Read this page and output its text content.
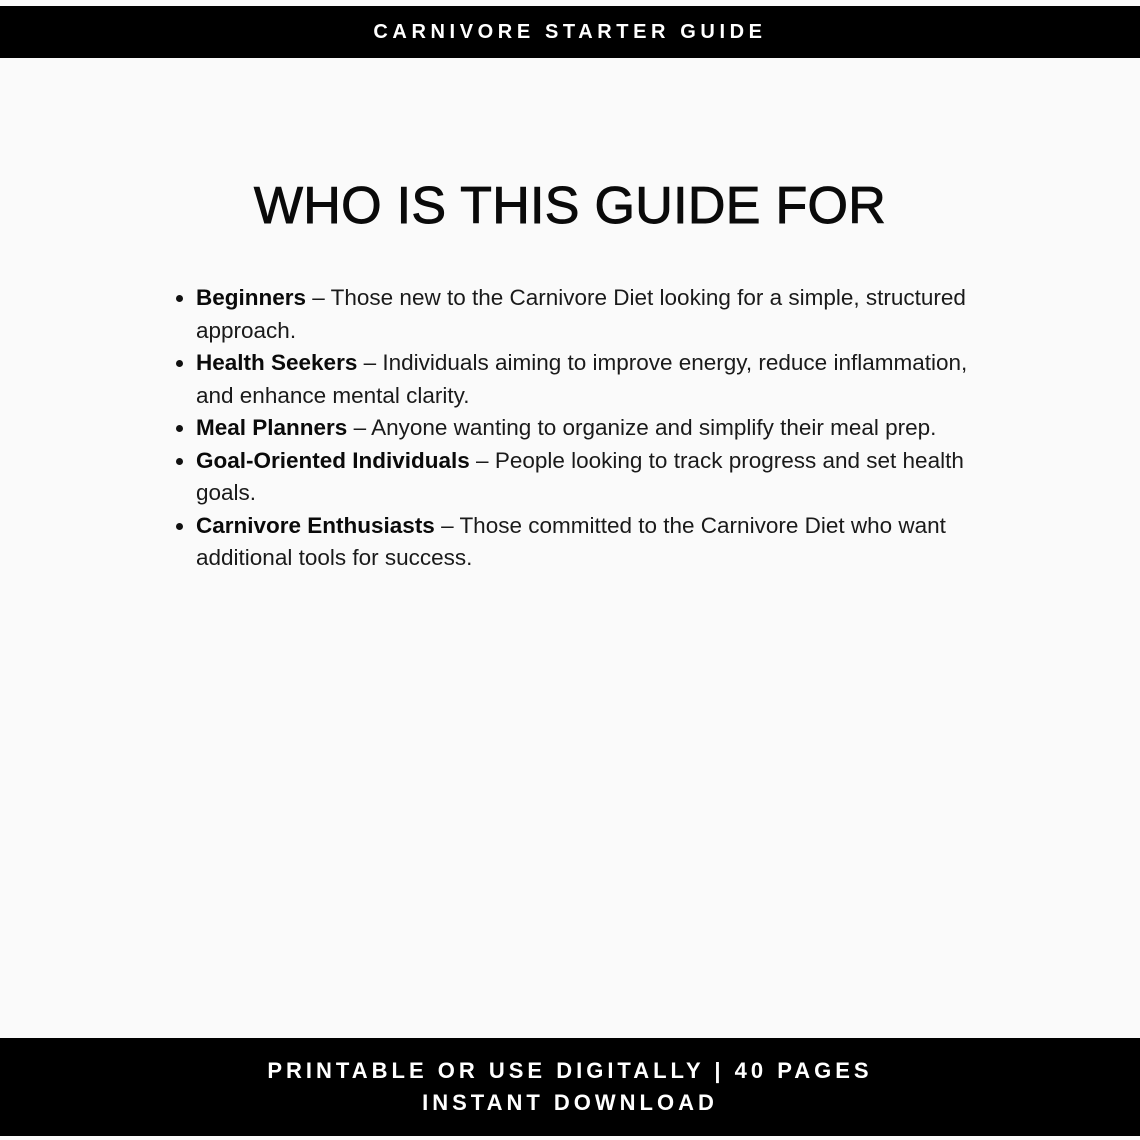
CARNIVORE STARTER GUIDE
WHO IS THIS GUIDE FOR
Beginners – Those new to the Carnivore Diet looking for a simple, structured approach.
Health Seekers – Individuals aiming to improve energy, reduce inflammation, and enhance mental clarity.
Meal Planners – Anyone wanting to organize and simplify their meal prep.
Goal-Oriented Individuals – People looking to track progress and set health goals.
Carnivore Enthusiasts – Those committed to the Carnivore Diet who want additional tools for success.
PRINTABLE OR USE DIGITALLY | 40 PAGES
INSTANT DOWNLOAD
